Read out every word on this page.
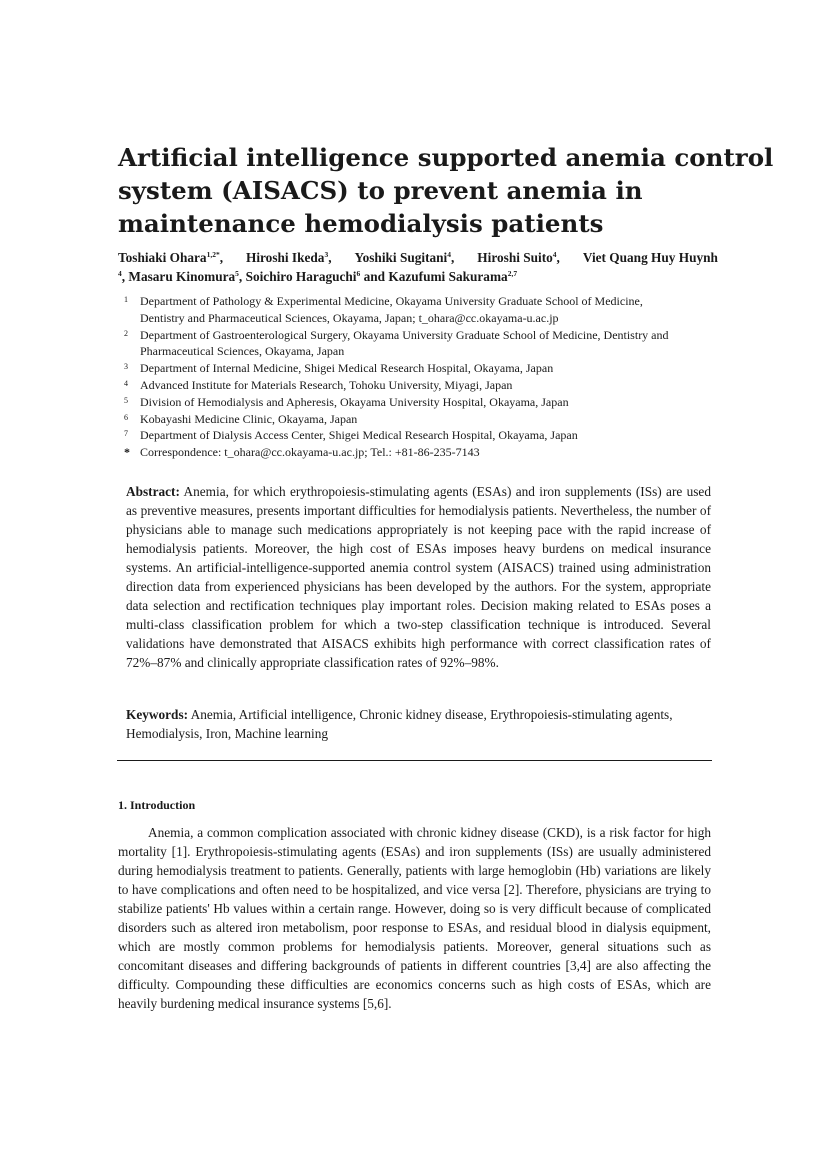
Artificial intelligence supported anemia control
system (AISACS) to prevent anemia in
maintenance hemodialysis patients
Toshiaki Ohara$^{1,2*}$, Hiroshi Ikeda$^3$, Yoshiki Sugitani$^4$, Hiroshi Suito$^4$, Viet Quang Huy Huynh
$^4$, Masaru Kinomura$^5$, Soichiro Haraguchi$^6$ and Kazufumi Sakurama$^{2,7}$
1 Department of Pathology & Experimental Medicine, Okayama University Graduate School of Medicine, Dentistry and Pharmaceutical Sciences, Okayama, Japan; t_ohara@cc.okayama-u.ac.jp
2 Department of Gastroenterological Surgery, Okayama University Graduate School of Medicine, Dentistry and Pharmaceutical Sciences, Okayama, Japan
3 Department of Internal Medicine, Shigei Medical Research Hospital, Okayama, Japan
4 Advanced Institute for Materials Research, Tohoku University, Miyagi, Japan
5 Division of Hemodialysis and Apheresis, Okayama University Hospital, Okayama, Japan
6 Kobayashi Medicine Clinic, Okayama, Japan
7 Department of Dialysis Access Center, Shigei Medical Research Hospital, Okayama, Japan
* Correspondence: t_ohara@cc.okayama-u.ac.jp; Tel.: +81-86-235-7143

Abstract: Anemia, for which erythropoiesis-stimulating agents (ESAs) and iron supplements (ISs) are used as preventive measures, presents important difficulties for hemodialysis patients. Nevertheless, the number of physicians able to manage such medications appropriately is not keeping pace with the rapid increase of hemodialysis patients. Moreover, the high cost of ESAs imposes heavy burdens on medical insurance systems. An artificial-intelligence-supported anemia control system (AISACS) trained using administration direction data from experienced physicians has been developed by the authors. For the system, appropriate data selection and rectification techniques play important roles. Decision making related to ESAs poses a multi-class classification problem for which a two-step classification technique is introduced. Several validations have demonstrated that AISACS exhibits high performance with correct classification rates of 72%–87% and clinically appropriate classification rates of 92%–98%.

Keywords: Anemia, Artificial intelligence, Chronic kidney disease, Erythropoiesis-stimulating agents, Hemodialysis, Iron, Machine learning

1. Introduction

Anemia, a common complication associated with chronic kidney disease (CKD), is a risk factor for high mortality [1]. Erythropoiesis-stimulating agents (ESAs) and iron supplements (ISs) are usually administered during hemodialysis treatment to patients. Generally, patients with large hemoglobin (Hb) variations are likely to have complications and often need to be hospitalized, and vice versa [2]. Therefore, physicians are trying to stabilize patients' Hb values within a certain range. However, doing so is very difficult because of complicated disorders such as altered iron metabolism, poor response to ESAs, and residual blood in dialysis equipment, which are mostly common problems for hemodialysis patients. Moreover, general situations such as concomitant diseases and differing backgrounds of patients in different countries [3,4] are also affecting the difficulty. Compounding these difficulties are economics concerns such as high costs of ESAs, which are heavily burdening medical insurance systems [5,6].
